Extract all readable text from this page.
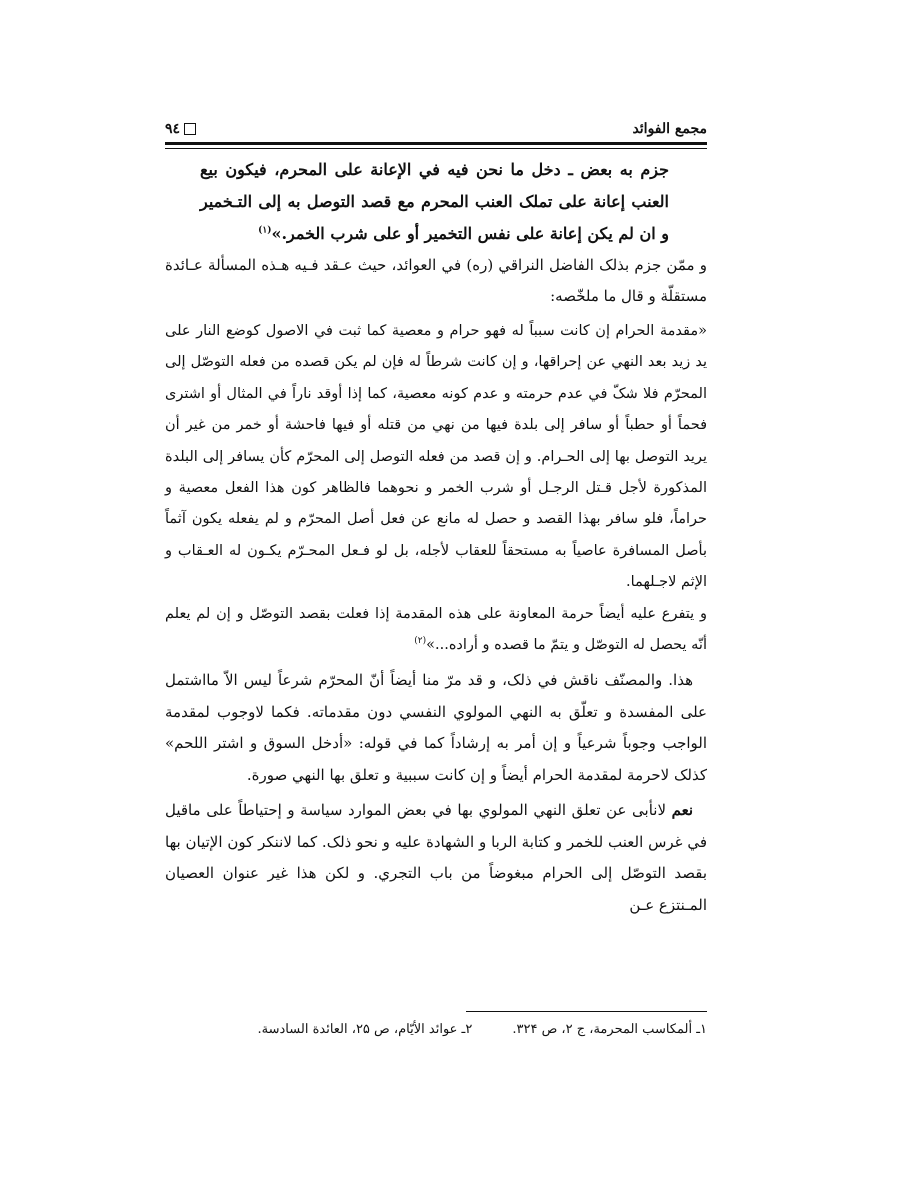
٩٤	مجمع الفوائد

جزم به بعض ـ دخل ما نحن فيه في الإعانة على المحرم، فيكون بيع العنب إعانة على تملک العنب المحرم مع قصد التوصل به إلى التـخمير و ان لم يكن إعانة على نفس التخمير أو على شرب الخمر.»$^{(١)}$

و ممّن جزم بذلک الفاضل النراقي (ره) في العوائد، حيث عـقد فـيه هـذه المسألة عـائدة مستقلّة و قال ما ملخّصه:

«مقدمة الحرام إن کانت سبباً له فهو حرام و معصية کما ثبت في الاصول کوضع النار على يد زيد بعد النهي عن إحراقها، و إن کانت شرطاً له فإن لم يکن قصده من فعله التوصّل إلى المحرّم فلا شکّ في عدم حرمته و عدم کونه معصية، کما إذا أوقد ناراً في المثال أو اشترى فحماً أو حطباً أو سافر إلى بلدة فيها من نهي من قتله أو فيها فاحشة أو خمر من غير أن يريد التوصل بها إلى الحـرام. و إن قصد من فعله التوصل إلى المحرّم کأن يسافر إلى البلدة المذکورة لأجل قـتل الرجـل أو شرب الخمر و نحوهما فالظاهر کون هذا الفعل معصية و حراماً، فلو سافر بهذا القصد و حصل له مانع عن فعل أصل المحرّم و لم يفعله يکون آثماً بأصل المسافرة عاصياً به مستحقاً للعقاب لأجله، بل لو فـعل المحـرّم يکـون له العـقاب و الإثم لاجـلهما.

و يتفرع عليه أيضاً حرمة المعاونة على هذه المقدمة إذا فعلت بقصد التوصّل و إن لم يعلم أنّه يحصل له التوصّل و يتمّ ما قصده و أراده...»$^{(٢)}$

هذا. والمصنّف ناقش في ذلک، و قد مرّ منا أيضاً أنّ المحرّم شرعاً ليس الاّ مااشتمل على المفسدة و تعلّق به النهي المولوي النفسي دون مقدماته. فکما لاوجوب لمقدمة الواجب وجوباً شرعياً و إن أمر به إرشاداً کما في قوله: «أدخل السوق و اشتر اللحم» کذلک لاحرمة لمقدمة الحرام أيضاً و إن کانت سببية و تعلق بها النهي صورة.

نعم لانأبى عن تعلق النهي المولوي بها في بعض الموارد سياسة و إحتياطاً على ماقيل في غرس العنب للخمر و کتابة الربا و الشهادة عليه و نحو ذلک. کما لاننکر کون الإتيان بها بقصد التوصّل إلى الحرام مبغوضاً من باب التجري. و لکن هذا غير عنوان العصيان المـنتزع عـن

١ـ ألمكاسب المحرمة، ج ٢، ص ٣٢۴.
٢ـ عوائد الأيّام، ص ٢۵، العائدة السادسة.
